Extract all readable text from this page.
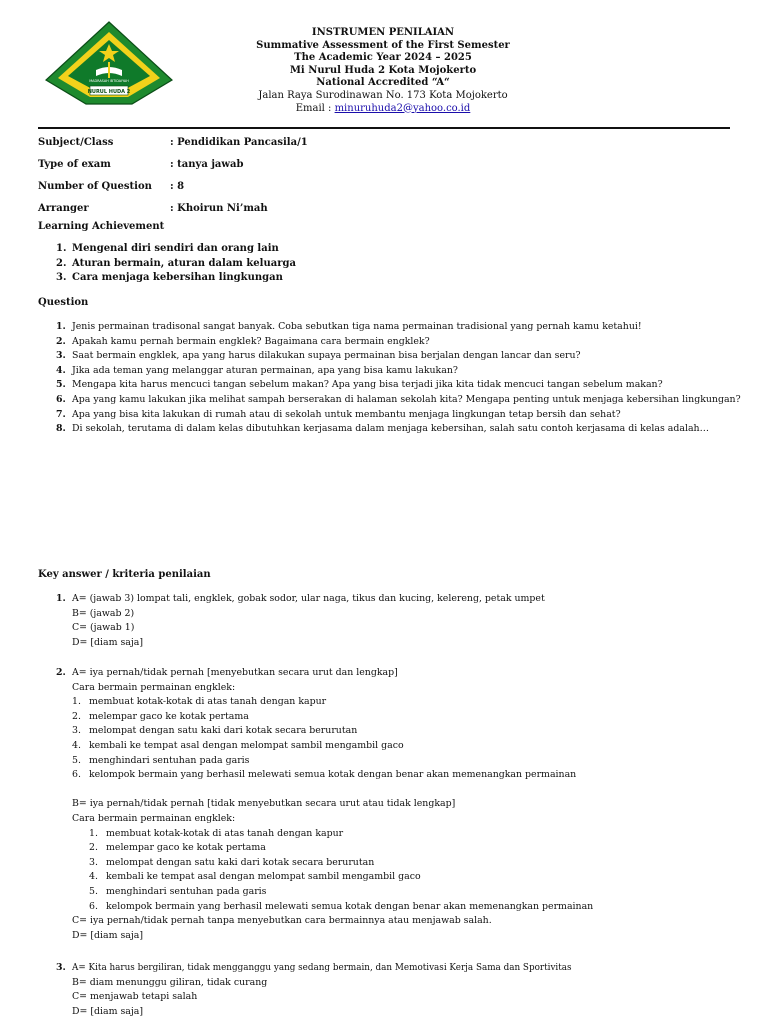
NURUL HUDA 2
MADRASAH IBTIDAIYAH
INSTRUMEN PENILAIAN
Summative Assessment of the First Semester
The Academic Year 2024 – 2025
Mi Nurul Huda 2 Kota Mojokerto
National Accredited “A“
Jalan Raya Surodinawan No. 173 Kota Mojokerto
Email : minuruhuda2@yahoo.co.id
Subject/Class	: Pendidikan Pancasila/1
Type of exam	: tanya jawab
Number of Question	: 8
Arranger	: Khoirun Ni’mah
Learning Achievement
1. Mengenal diri sendiri dan orang lain
2. Aturan bermain, aturan dalam keluarga
3. Cara menjaga kebersihan lingkungan
Question
1. Jenis permainan tradisonal sangat banyak. Coba sebutkan tiga nama permainan tradisional yang pernah kamu ketahui!
2. Apakah kamu pernah bermain engklek? Bagaimana cara bermain engklek?
3. Saat bermain engklek, apa yang harus dilakukan supaya permainan bisa berjalan dengan lancar dan seru?
4. Jika ada teman yang melanggar aturan permainan, apa yang bisa kamu lakukan?
5. Mengapa kita harus mencuci tangan sebelum makan? Apa yang bisa terjadi jika kita tidak mencuci tangan sebelum makan?
6. Apa yang kamu lakukan jika melihat sampah berserakan di halaman sekolah kita? Mengapa penting untuk menjaga kebersihan lingkungan?
7. Apa yang bisa kita lakukan di rumah atau di sekolah untuk membantu menjaga lingkungan tetap bersih dan sehat?
8. Di sekolah, terutama di dalam kelas dibutuhkan kerjasama dalam menjaga kebersihan, salah satu contoh kerjasama di kelas adalah…
Key answer / kriteria penilaian
1. A= (jawab 3) lompat tali, engklek, gobak sodor, ular naga, tikus dan kucing, kelereng, petak umpet
B= (jawab 2)
C= (jawab 1)
D= [diam saja]
2. A= iya pernah/tidak pernah [menyebutkan secara urut dan lengkap]
Cara bermain permainan engklek:
1. membuat kotak-kotak di atas tanah dengan kapur
2. melempar gaco ke kotak pertama
3. melompat dengan satu kaki dari kotak secara berurutan
4. kembali ke tempat asal dengan melompat sambil mengambil gaco
5. menghindari sentuhan pada garis
6. kelompok bermain yang berhasil melewati semua kotak dengan benar akan memenangkan permainan
B= iya pernah/tidak pernah [tidak menyebutkan secara urut atau tidak lengkap]
Cara bermain permainan engklek:
1. membuat kotak-kotak di atas tanah dengan kapur
2. melempar gaco ke kotak pertama
3. melompat dengan satu kaki dari kotak secara berurutan
4. kembali ke tempat asal dengan melompat sambil mengambil gaco
5. menghindari sentuhan pada garis
6. kelompok bermain yang berhasil melewati semua kotak dengan benar akan memenangkan permainan
C= iya pernah/tidak pernah tanpa menyebutkan cara bermainnya atau menjawab salah.
D= [diam saja]
3. A= Kita harus bergiliran, tidak mengganggu yang sedang bermain, dan Memotivasi Kerja Sama dan Sportivitas
B= diam menunggu giliran, tidak curang
C= menjawab tetapi salah
D= [diam saja]
